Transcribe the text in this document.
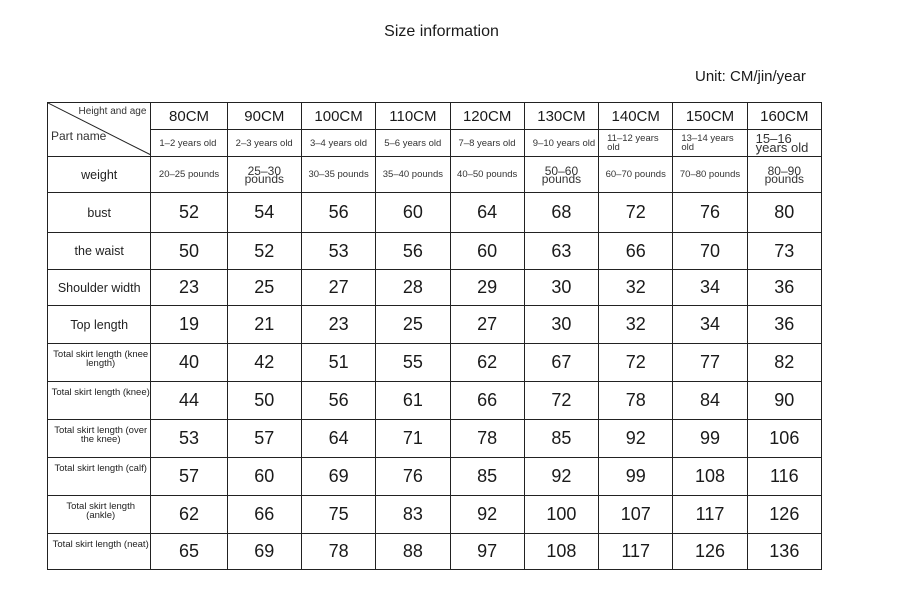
Size information
Unit: CM/jin/year
Height and age
Part name	80CM	90CM	100CM	110CM	120CM	130CM	140CM	150CM	160CM

	1–2 years old	2–3 years old	3–4 years old	5–6 years old	7–8 years old	9–10 years old	11–12 years old	13–14 years old	15–16 years old

weight	20–25 pounds	25–30 pounds	30–35 pounds	35–40 pounds	40–50 pounds	50–60 pounds	60–70 pounds	70–80 pounds	80–90 pounds
bust	52	54	56	60	64	68	72	76	80
the waist	50	52	53	56	60	63	66	70	73
Shoulder width	23	25	27	28	29	30	32	34	36
Top length	19	21	23	25	27	30	32	34	36
Total skirt length (knee length)	40	42	51	55	62	67	72	77	82
Total skirt length (knee)	44	50	56	61	66	72	78	84	90
Total skirt length (over the knee)	53	57	64	71	78	85	92	99	106
Total skirt length (calf)	57	60	69	76	85	92	99	108	116
Total skirt length (ankle)	62	66	75	83	92	100	107	117	126
Total skirt length (neat)	65	69	78	88	97	108	117	126	136
